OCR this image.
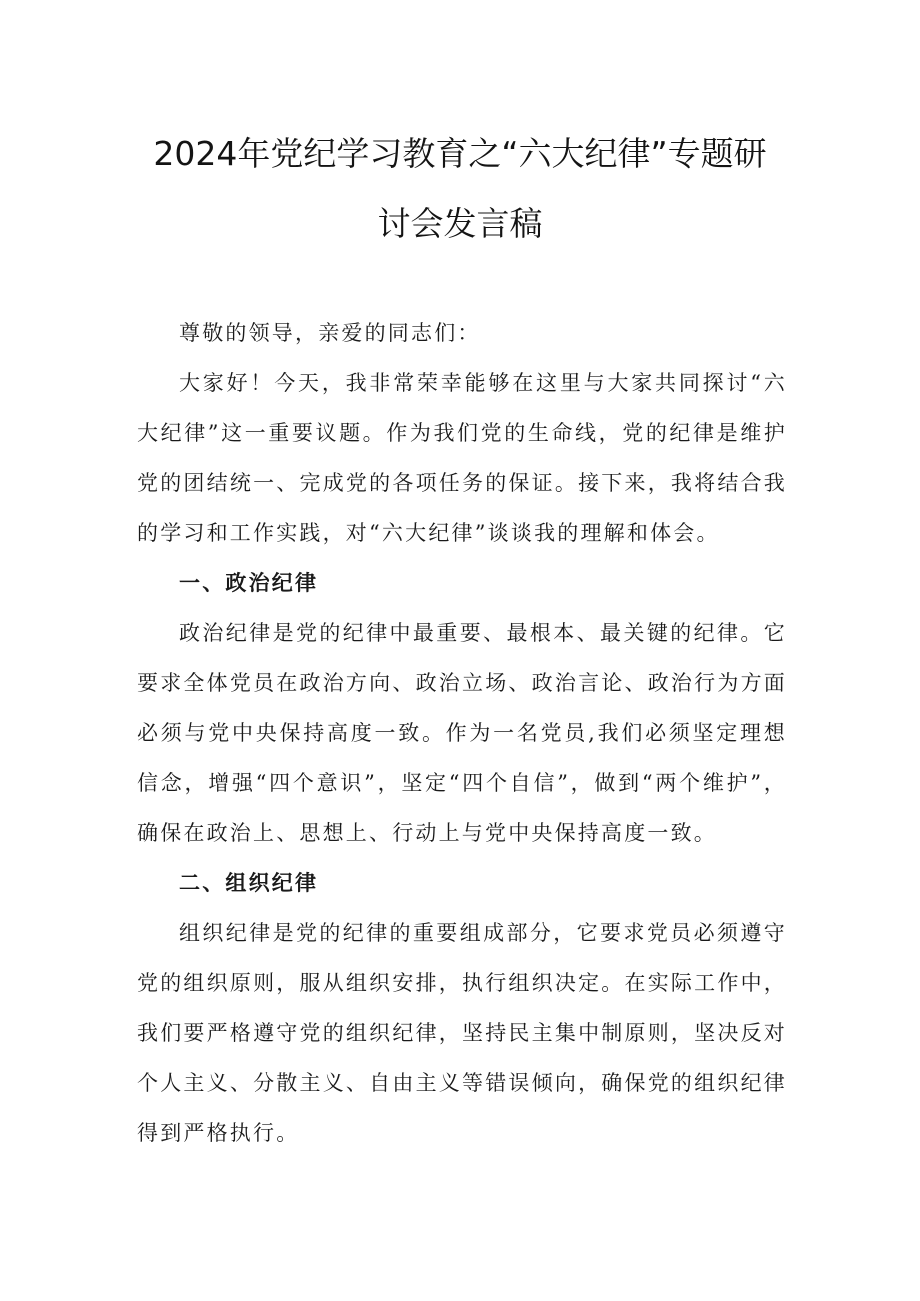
2024年党纪学习教育之“六大纪律”专题研
讨会发言稿

尊敬的领导，亲爱的同志们：

大家好！今天，我非常荣幸能够在这里与大家共同探讨“六大纪律”这一重要议题。作为我们党的生命线，党的纪律是维护党的团结统一、完成党的各项任务的保证。接下来，我将结合我的学习和工作实践，对“六大纪律”谈谈我的理解和体会。

一、政治纪律

政治纪律是党的纪律中最重要、最根本、最关键的纪律。它要求全体党员在政治方向、政治立场、政治言论、政治行为方面必须与党中央保持高度一致。作为一名党员,我们必须坚定理想信念，增强“四个意识”，坚定“四个自信”，做到“两个维护”，确保在政治上、思想上、行动上与党中央保持高度一致。

二、组织纪律

组织纪律是党的纪律的重要组成部分，它要求党员必须遵守党的组织原则，服从组织安排，执行组织决定。在实际工作中，我们要严格遵守党的组织纪律，坚持民主集中制原则，坚决反对个人主义、分散主义、自由主义等错误倾向，确保党的组织纪律得到严格执行。
